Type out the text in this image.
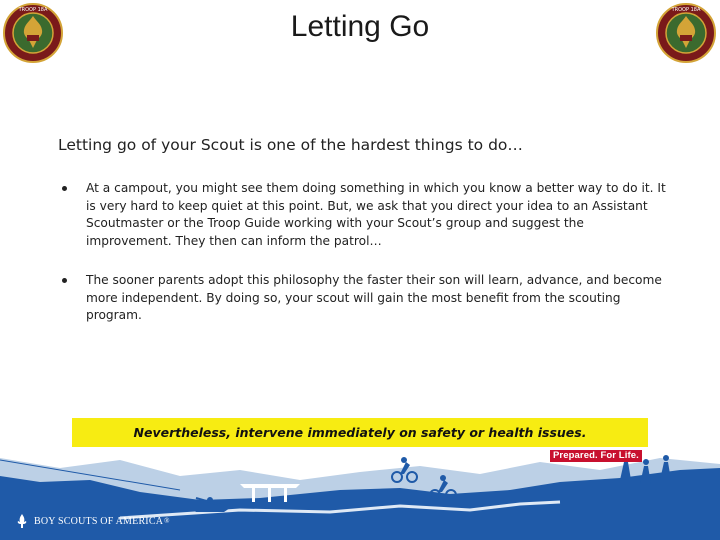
TROOP 18A	TROOP 18A
Letting Go
Letting go of your Scout is one of the hardest things to do…
At a campout, you might see them doing something in which you know a better way to do it. It is very hard to keep quiet at this point. But, we ask that you direct your idea to an Assistant Scoutmaster or the Troop Guide working with your Scout’s group and suggest the improvement. They then can inform the patrol…
The sooner parents adopt this philosophy the faster their son will learn, advance, and become more independent. By doing so, your scout will gain the most benefit from the scouting program.
Nevertheless, intervene immediately on safety or health issues.
Prepared. For Life.
BOY SCOUTS OF AMERICA ®
